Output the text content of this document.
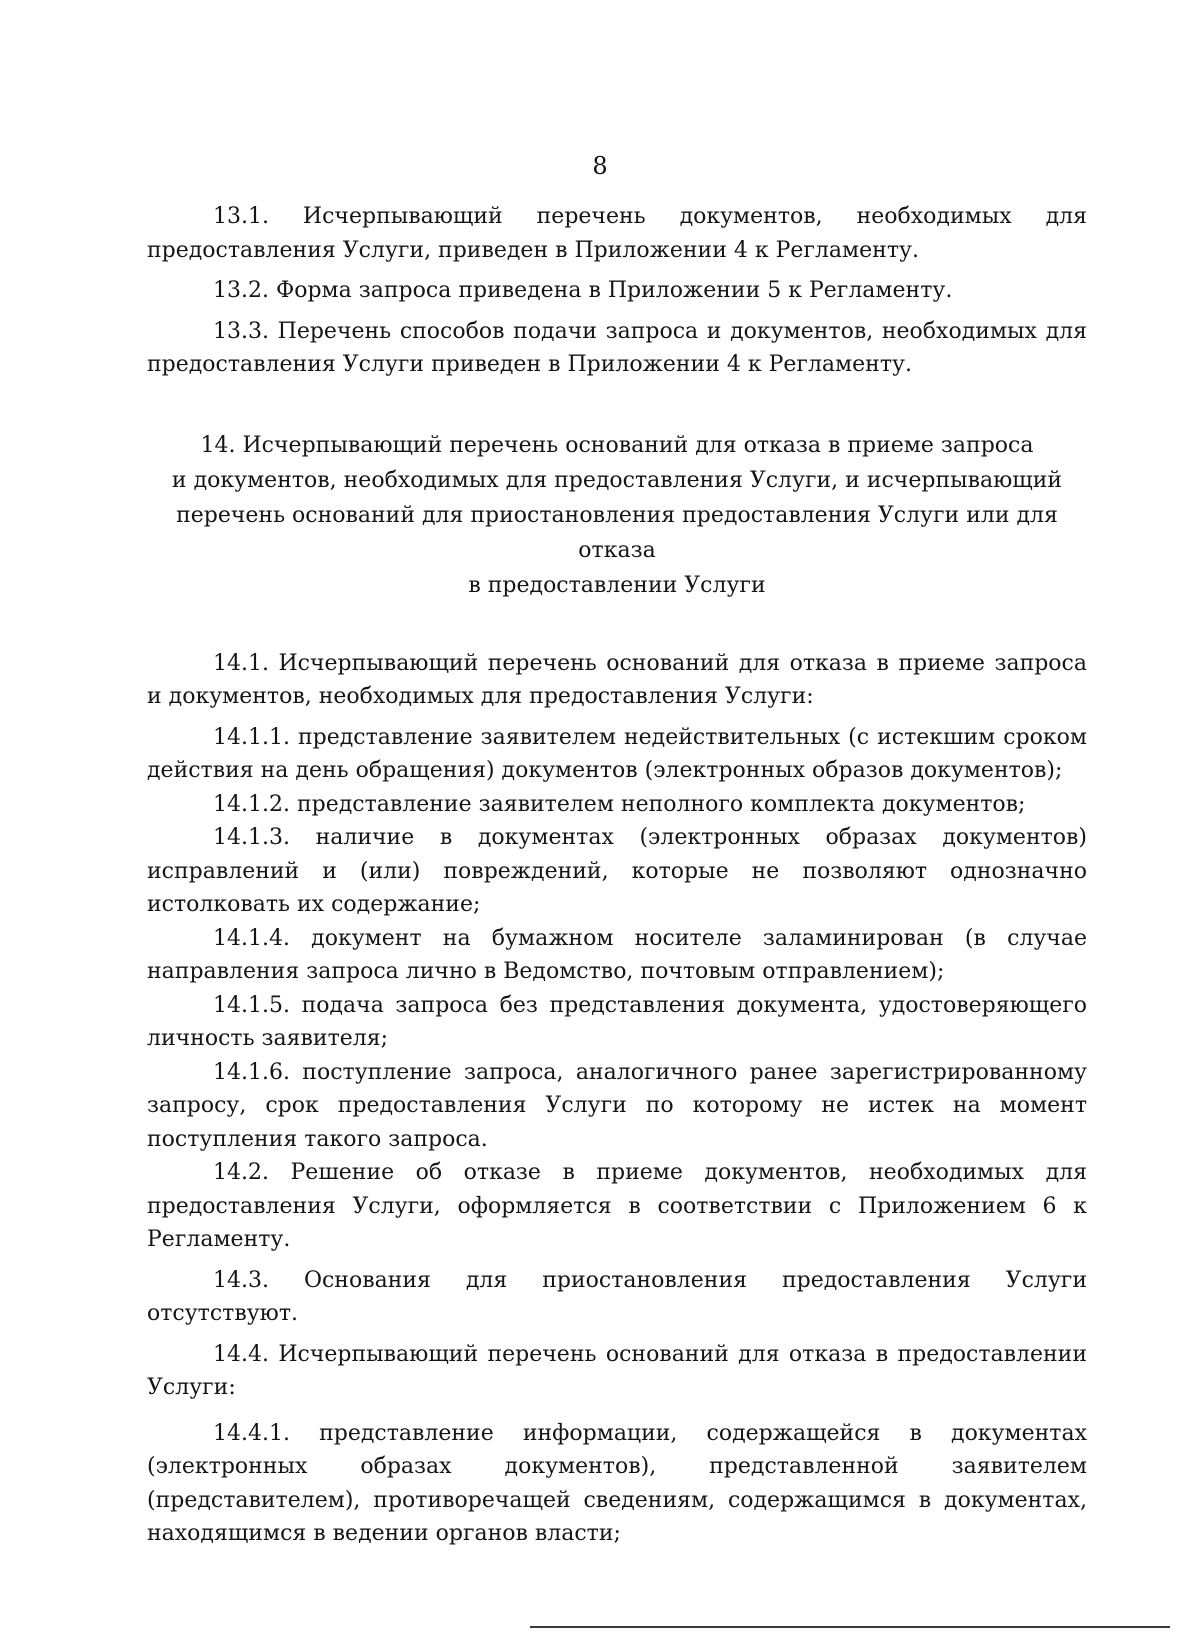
8

13.1. Исчерпывающий перечень документов, необходимых для предоставления Услуги, приведен в Приложении 4 к Регламенту.

13.2. Форма запроса приведена в Приложении 5 к Регламенту.

13.3. Перечень способов подачи запроса и документов, необходимых для предоставления Услуги приведен в Приложении 4 к Регламенту.

14. Исчерпывающий перечень оснований для отказа в приеме запроса
и документов, необходимых для предоставления Услуги, и исчерпывающий
перечень оснований для приостановления предоставления Услуги или для отказа
в предоставлении Услуги

14.1. Исчерпывающий перечень оснований для отказа в приеме запроса и документов, необходимых для предоставления Услуги:

14.1.1. представление заявителем недействительных (с истекшим сроком действия на день обращения) документов (электронных образов документов);

14.1.2. представление заявителем неполного комплекта документов;

14.1.3. наличие в документах (электронных образах документов) исправлений и (или) повреждений, которые не позволяют однозначно истолковать их содержание;

14.1.4. документ на бумажном носителе заламинирован (в случае направления запроса лично в Ведомство, почтовым отправлением);

14.1.5. подача запроса без представления документа, удостоверяющего личность заявителя;

14.1.6. поступление запроса, аналогичного ранее зарегистрированному запросу, срок предоставления Услуги по которому не истек на момент поступления такого запроса.

14.2. Решение об отказе в приеме документов, необходимых для предоставления Услуги, оформляется в соответствии с Приложением 6 к Регламенту.

14.3. Основания для приостановления предоставления Услуги отсутствуют.

14.4. Исчерпывающий перечень оснований для отказа в предоставлении Услуги:

14.4.1. представление информации, содержащейся в документах (электронных образах документов), представленной заявителем (представителем), противоречащей сведениям, содержащимся в документах, находящимся в ведении органов власти;
